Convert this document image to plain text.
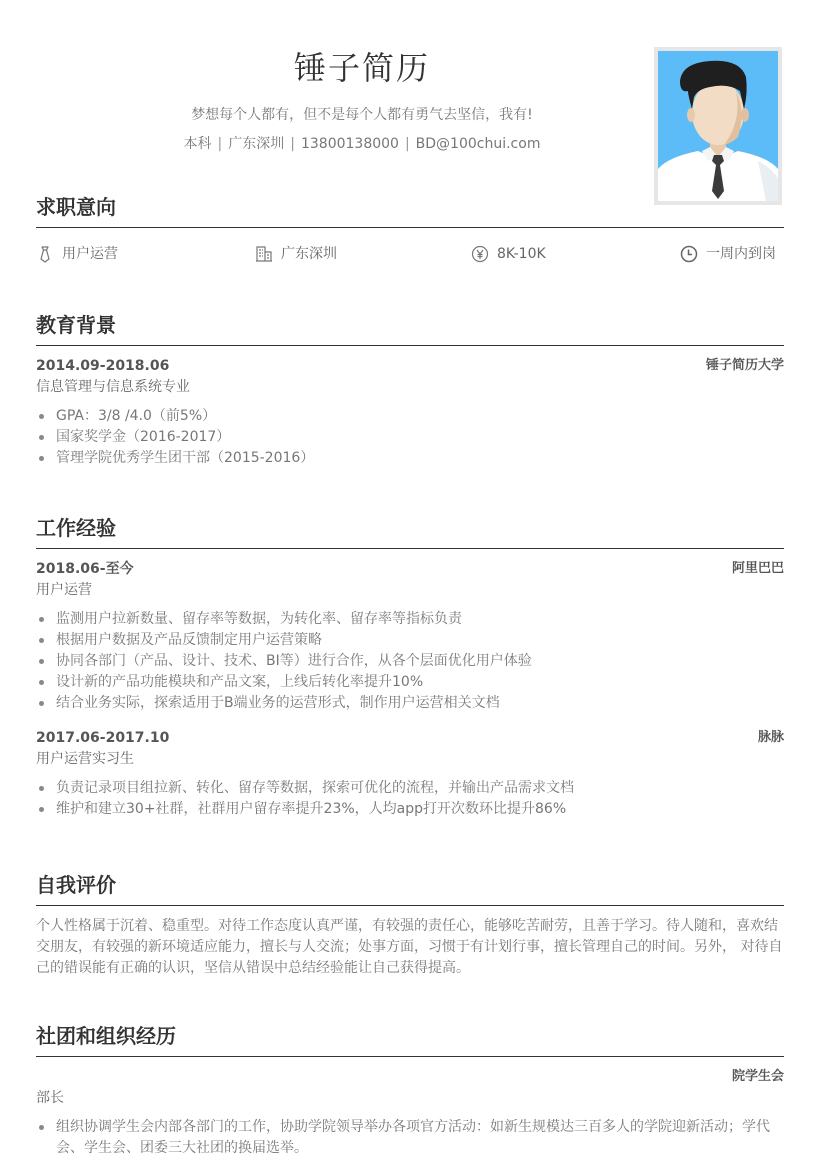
锤子简历
梦想每个人都有，但不是每个人都有勇气去坚信，我有!
本科 | 广东深圳 | 13800138000 | BD@100chui.com
求职意向
用户运营	广东深圳	8K-10K	一周内到岗
教育背景
2014.09-2018.06	锤子简历大学
信息管理与信息系统专业
GPA：3/8 /4.0（前5%）
国家奖学金（2016-2017）
管理学院优秀学生团干部（2015-2016）
工作经验
2018.06-至今	阿里巴巴
用户运营
监测用户拉新数量、留存率等数据，为转化率、留存率等指标负责
根据用户数据及产品反馈制定用户运营策略
协同各部门（产品、设计、技术、BI等）进行合作，从各个层面优化用户体验
设计新的产品功能模块和产品文案，上线后转化率提升10%
结合业务实际，探索适用于B端业务的运营形式，制作用户运营相关文档
2017.06-2017.10	脉脉
用户运营实习生
负责记录项目组拉新、转化、留存等数据，探索可优化的流程，并输出产品需求文档
维护和建立30+社群，社群用户留存率提升23%，人均app打开次数环比提升86%
自我评价
个人性格属于沉着、稳重型。对待工作态度认真严谨，有较强的责任心，能够吃苦耐劳，且善于学习。待人随和，喜欢结交朋友，有较强的新环境适应能力，擅长与人交流；处事方面，习惯于有计划行事，擅长管理自己的时间。另外， 对待自己的错误能有正确的认识，坚信从错误中总结经验能让自己获得提高。
社团和组织经历
院学生会
部长
组织协调学生会内部各部门的工作，协助学院领导举办各项官方活动：如新生规模达三百多人的学院迎新活动；学代会、学生会、团委三大社团的换届选举。
